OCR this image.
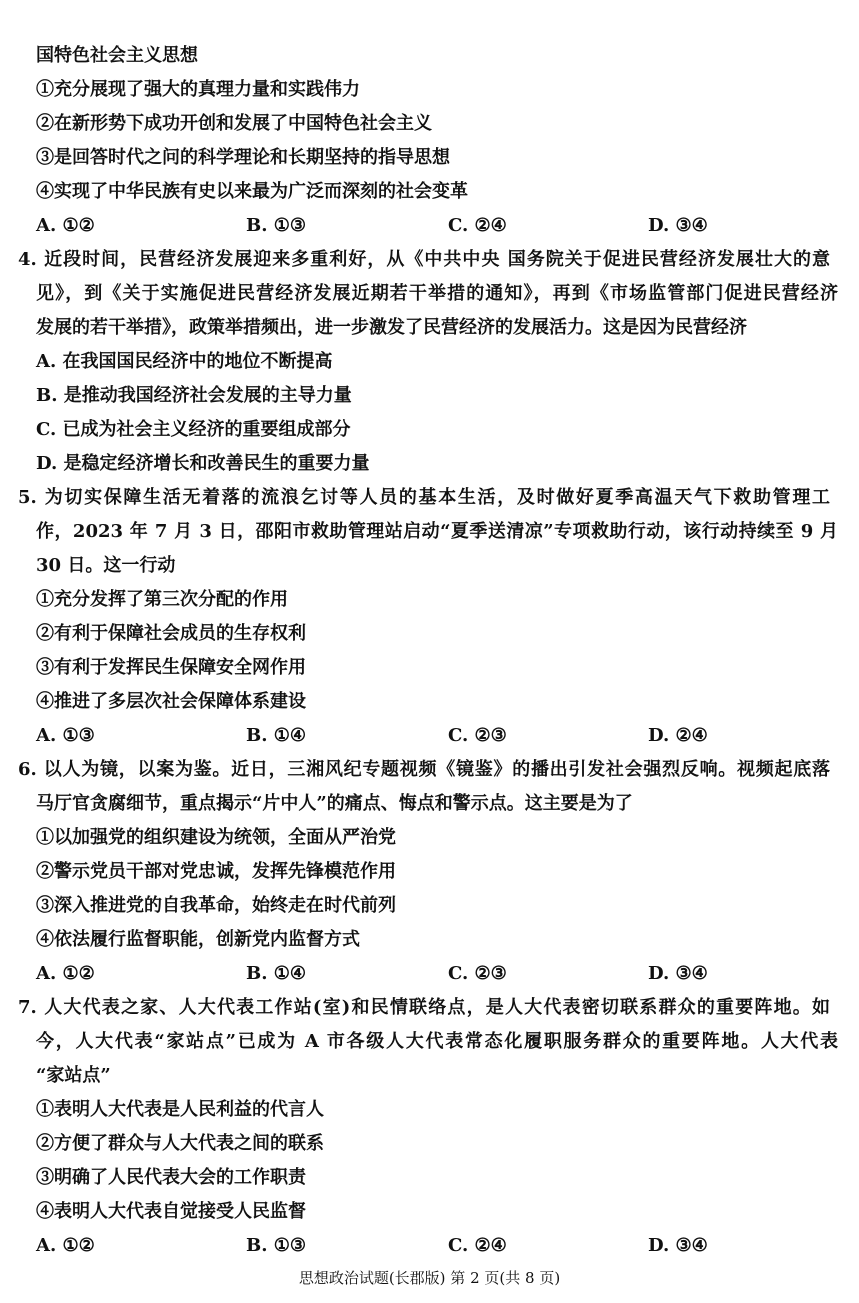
国特色社会主义思想
①充分展现了强大的真理力量和实践伟力
②在新形势下成功开创和发展了中国特色社会主义
③是回答时代之问的科学理论和长期坚持的指导思想
④实现了中华民族有史以来最为广泛而深刻的社会变革
A. ①②	B. ①③	C. ②④	D. ③④
4. 近段时间，民营经济发展迎来多重利好，从《中共中央 国务院关于促进民营经济发展壮大的意
见》，到《关于实施促进民营经济发展近期若干举措的通知》，再到《市场监管部门促进民营经济
发展的若干举措》，政策举措频出，进一步激发了民营经济的发展活力。这是因为民营经济
A. 在我国国民经济中的地位不断提高
B. 是推动我国经济社会发展的主导力量
C. 已成为社会主义经济的重要组成部分
D. 是稳定经济增长和改善民生的重要力量
5. 为切实保障生活无着落的流浪乞讨等人员的基本生活，及时做好夏季高温天气下救助管理工
作，2023 年 7 月 3 日，邵阳市救助管理站启动“夏季送清凉”专项救助行动，该行动持续至 9 月
30 日。这一行动
①充分发挥了第三次分配的作用
②有利于保障社会成员的生存权利
③有利于发挥民生保障安全网作用
④推进了多层次社会保障体系建设
A. ①③	B. ①④	C. ②③	D. ②④
6. 以人为镜，以案为鉴。近日，三湘风纪专题视频《镜鉴》的播出引发社会强烈反响。视频起底落
马厅官贪腐细节，重点揭示“片中人”的痛点、悔点和警示点。这主要是为了
①以加强党的组织建设为统领，全面从严治党
②警示党员干部对党忠诚，发挥先锋模范作用
③深入推进党的自我革命，始终走在时代前列
④依法履行监督职能，创新党内监督方式
A. ①②	B. ①④	C. ②③	D. ③④
7. 人大代表之家、人大代表工作站(室)和民情联络点，是人大代表密切联系群众的重要阵地。如
今，人大代表“家站点”已成为 A 市各级人大代表常态化履职服务群众的重要阵地。人大代表
“家站点”
①表明人大代表是人民利益的代言人
②方便了群众与人大代表之间的联系
③明确了人民代表大会的工作职责
④表明人大代表自觉接受人民监督
A. ①②	B. ①③	C. ②④	D. ③④
思想政治试题(长郡版) 第 2 页(共 8 页)
